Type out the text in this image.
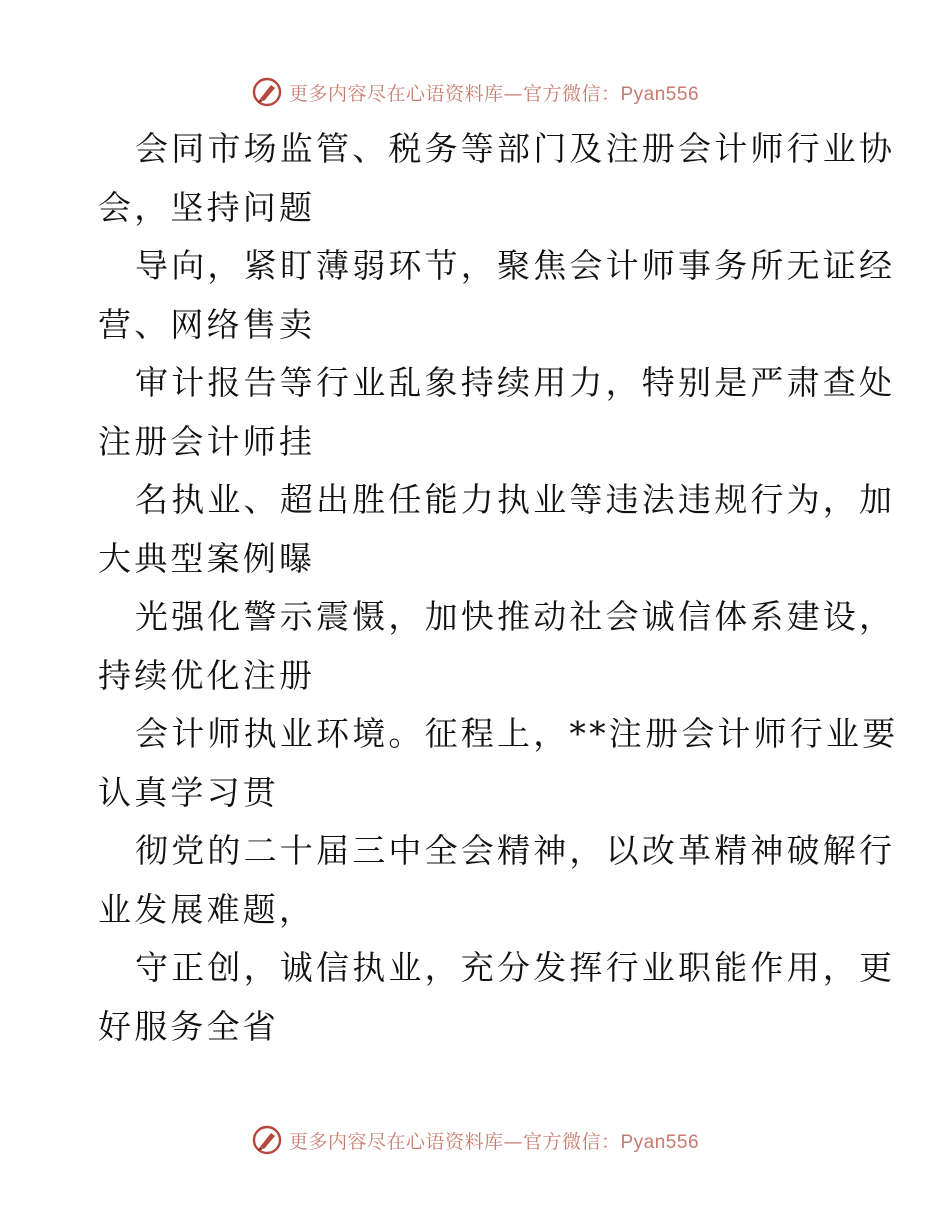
更多内容尽在心语资料库—官方微信：Pyan556
会同市场监管、税务等部门及注册会计师行业协
会，坚持问题
导向，紧盯薄弱环节，聚焦会计师事务所无证经
营、网络售卖
审计报告等行业乱象持续用力，特别是严肃查处
注册会计师挂
名执业、超出胜任能力执业等违法违规行为，加
大典型案例曝
光强化警示震慑，加快推动社会诚信体系建设，
持续优化注册
会计师执业环境。征程上，**注册会计师行业要
认真学习贯
彻党的二十届三中全会精神，以改革精神破解行
业发展难题，
守正创，诚信执业，充分发挥行业职能作用，更
好服务全省
更多内容尽在心语资料库—官方微信：Pyan556
